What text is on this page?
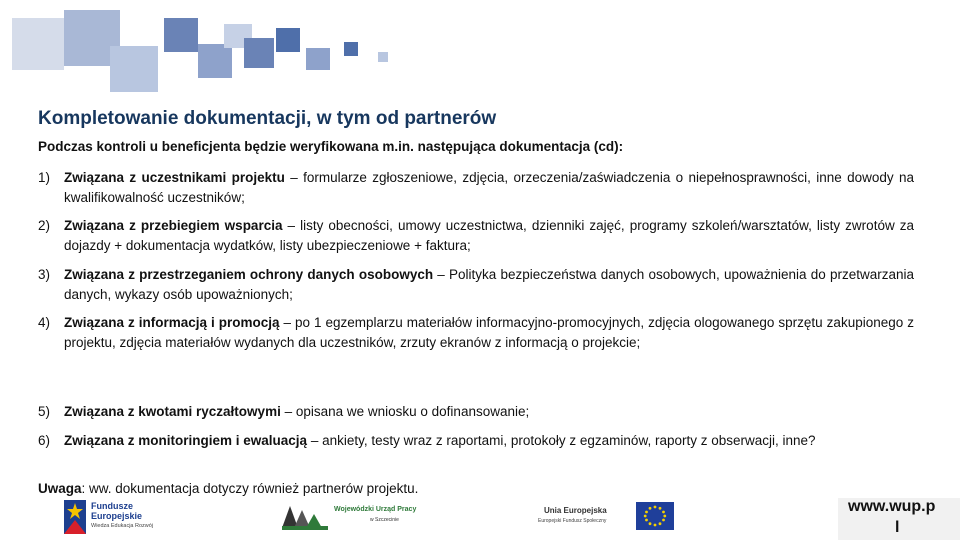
Kompletowanie dokumentacji, w tym od partnerów

Podczas kontroli u beneficjenta będzie weryfikowana m.in. następująca dokumentacja (cd):

1) Związana z uczestnikami projektu – formularze zgłoszeniowe, zdjęcia, orzeczenia/zaświadczenia o niepełnosprawności, inne dowody na kwalifikowalność uczestników;
2) Związana z przebiegiem wsparcia – listy obecności, umowy uczestnictwa, dzienniki zajęć, programy szkoleń/warsztatów, listy zwrotów za dojazdy + dokumentacja wydatków, listy ubezpieczeniowe + faktura;
3) Związana z przestrzeganiem ochrony danych osobowych – Polityka bezpieczeństwa danych osobowych, upoważnienia do przetwarzania danych, wykazy osób upoważnionych;
4) Związana z informacją i promocją – po 1 egzemplarzu materiałów informacyjno-promocyjnych, zdjęcia ologowanego sprzętu zakupionego z projektu, zdjęcia materiałów wydanych dla uczestników, zrzuty ekranów z informacją o projekcie;
5) Związana z kwotami ryczałtowymi – opisana we wniosku o dofinansowanie;
6) Związana z monitoringiem i ewaluacją – ankiety, testy wraz z raportami, protokoły z egzaminów, raporty z obserwacji, inne?
Uwaga: ww. dokumentacja dotyczy również partnerów projektu.
Fundusze
Europejskie
Wiedza Edukacja Rozwój
Wojewódzki Urząd Pracy
w Szczecinie
Unia Europejska
Europejski Fundusz Społeczny
www.wup.p
l
